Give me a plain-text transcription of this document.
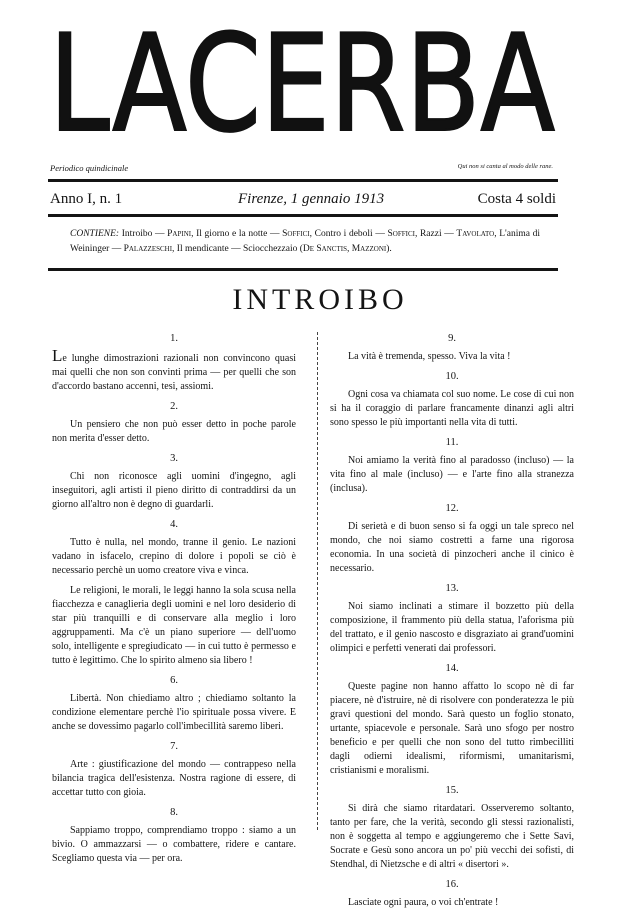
LACERBA
Periodico quindicinale	Qui non si canta al modo delle rane.
Anno I, n. 1	Firenze, 1 gennaio 1913	Costa 4 soldi
CONTIENE: Introibo — Papini, Il giorno e la notte — Soffici, Contro i deboli — Soffici, Razzi — Tavolato, L'anima di Weininger — Palazzeschi, Il mendicante — Sciocchezzaio (De Sanctis, Mazzoni).
INTROIBO
1.

Le lunghe dimostrazioni razionali non convincono quasi mai quelli che non son convinti prima — per quelli che son d'accordo bastano accenni, tesi, assiomi.

2.

Un pensiero che non può esser detto in poche parole non merita d'esser detto.

3.

Chi non riconosce agli uomini d'ingegno, agli inseguitori, agli artisti il pieno diritto di contraddirsi da un giorno all'altro non è degno di guardarli.

4.

Tutto è nulla, nel mondo, tranne il genio. Le nazioni vadano in isfacelo, crepino di dolore i popoli se ciò è necessario perchè un uomo creatore viva e vinca.

Le religioni, le morali, le leggi hanno la sola scusa nella fiacchezza e canaglieria degli uomini e nel loro desiderio di star più tranquilli e di conservare alla meglio i loro aggruppamenti. Ma c'è un piano superiore — dell'uomo solo, intelligente e spregiudicato — in cui tutto è permesso e tutto è legittimo. Che lo spirito almeno sia libero !

6.

Libertà. Non chiediamo altro ; chiediamo soltanto la condizione elementare perchè l'io spirituale possa vivere. E anche se dovessimo pagarlo coll'imbecillità saremo liberi.

7.

Arte : giustificazione del mondo — contrappeso nella bilancia tragica dell'esistenza. Nostra ragione di essere, di accettar tutto con gioia.

8.

Sappiamo troppo, comprendiamo troppo : siamo a un bivio. O ammazzarsi — o combattere, ridere e cantare. Scegliamo questa via — per ora.

9.

La vità è tremenda, spesso. Viva la vita !

10.

Ogni cosa va chiamata col suo nome. Le cose di cui non si ha il coraggio di parlare francamente dinanzi agli altri sono spesso le più importanti nella vita di tutti.

11.

Noi amiamo la verità fino al paradosso (incluso) — la vita fino al male (incluso) — e l'arte fino alla stranezza (inclusa).

12.

Di serietà e di buon senso si fa oggi un tale spreco nel mondo, che noi siamo costretti a farne una rigorosa economia. In una società di pinzocheri anche il cinico è necessario.

13.

Noi siamo inclinati a stimare il bozzetto più della composizione, il frammento più della statua, l'aforisma più del trattato, e il genio nascosto e disgraziato ai grand'uomini olimpici e perfetti venerati dai professori.

14.

Queste pagine non hanno affatto lo scopo nè di far piacere, nè d'istruire, nè di risolvere con ponderatezza le più gravi questioni del mondo. Sarà questo un foglio stonato, urtante, spiacevole e personale. Sarà uno sfogo per nostro beneficio e per quelli che non sono del tutto rimbecilliti dagli odierni idealismi, riformismi, umanitarismi, cristianismi e moralismi.

15.

Si dirà che siamo ritardatari. Osserveremo soltanto, tanto per fare, che la verità, secondo gli stessi razionalisti, non è soggetta al tempo e aggiungeremo che i Sette Savi, Socrate e Gesù sono ancora un po' più vecchi dei sofisti, di Stendhal, di Nietzsche e di altri « disertori ».

16.

Lasciate ogni paura, o voi ch'entrate !
